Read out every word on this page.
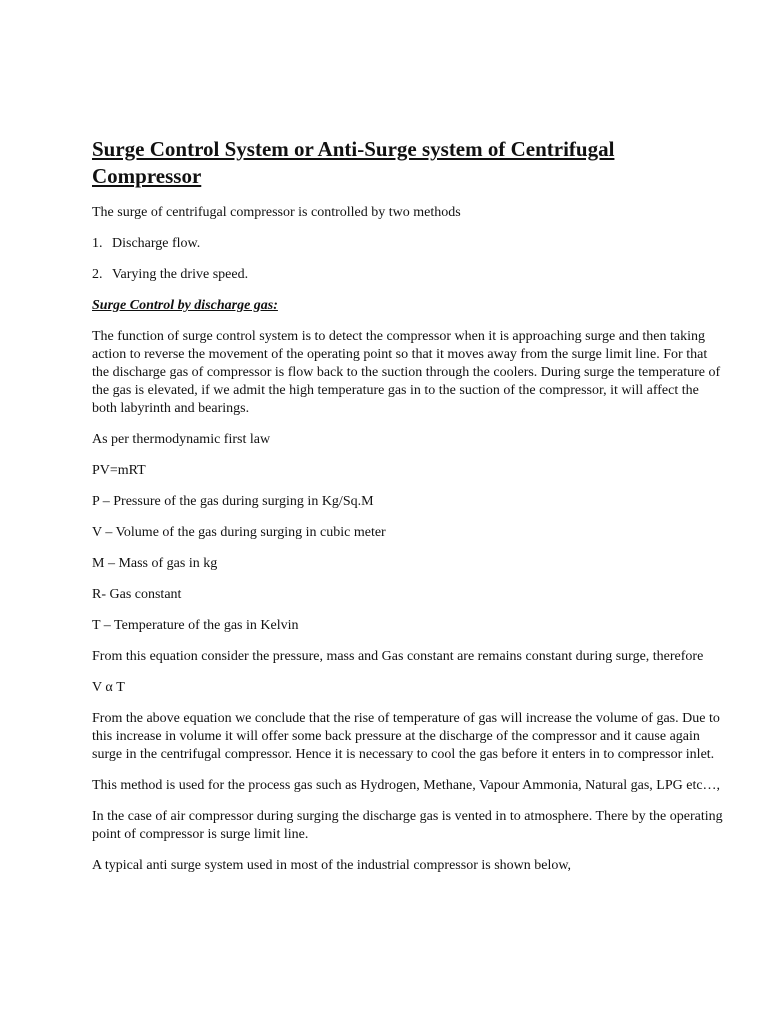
Surge Control System or Anti-Surge system of Centrifugal Compressor

The surge of centrifugal compressor is controlled by two methods

1. Discharge flow.
2. Varying the drive speed.

Surge Control by discharge gas:

The function of surge control system is to detect the compressor when it is approaching surge and then taking action to reverse the movement of the operating point so that it moves away from the surge limit line. For that the discharge gas of compressor is flow back to the suction through the coolers. During surge the temperature of the gas is elevated, if we admit the high temperature gas in to the suction of the compressor, it will affect the both labyrinth and bearings.

As per thermodynamic first law

PV=mRT

P – Pressure of the gas during surging in Kg/Sq.M

V – Volume of the gas during surging in cubic meter

M – Mass of gas in kg

R- Gas constant

T – Temperature of the gas in Kelvin

From this equation consider the pressure, mass and Gas constant are remains constant during surge, therefore

V α T

From the above equation we conclude that the rise of temperature of gas will increase the volume of gas. Due to this increase in volume it will offer some back pressure at the discharge of the compressor and it cause again surge in the centrifugal compressor. Hence it is necessary to cool the gas before it enters in to compressor inlet.

This method is used for the process gas such as Hydrogen, Methane, Vapour Ammonia, Natural gas, LPG etc…,

In the case of air compressor during surging the discharge gas is vented in to atmosphere. There by the operating point of compressor is surge limit line.

A typical anti surge system used in most of the industrial compressor is shown below,
